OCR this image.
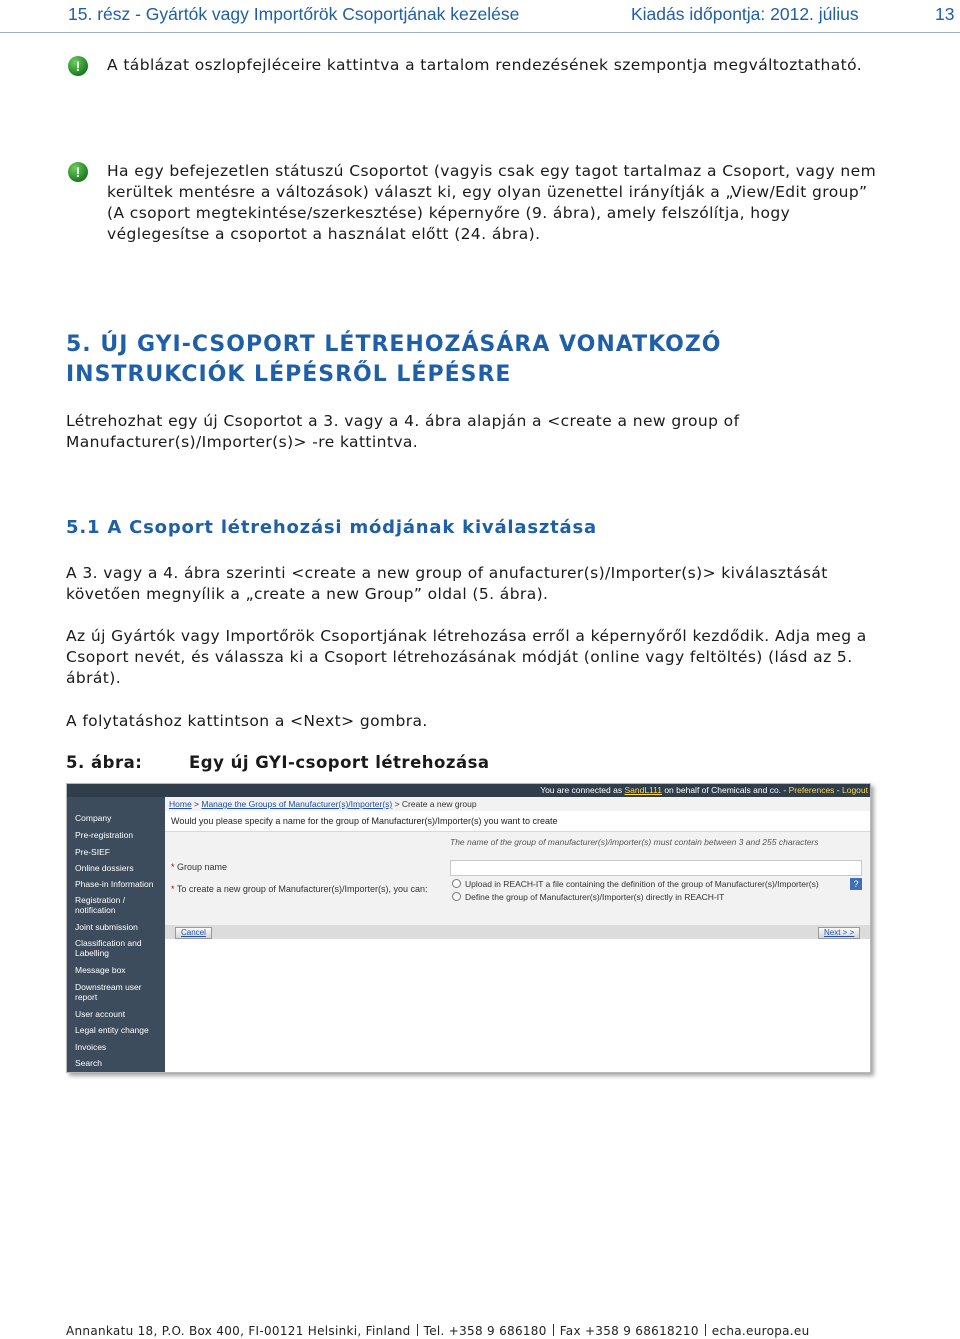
15. rész - Gyártók vagy Importőrök Csoportjának kezelése	Kiadás időpontja: 2012. július	13
!	A táblázat oszlopfejléceire kattintva a tartalom rendezésének szempontja megváltoztatható.
!	Ha egy befejezetlen státuszú Csoportot (vagyis csak egy tagot tartalmaz a Csoport, vagy nem kerültek mentésre a változások) választ ki, egy olyan üzenettel irányítják a „View/Edit group” (A csoport megtekintése/szerkesztése) képernyőre (9. ábra), amely felszólítja, hogy véglegesítse a csoportot a használat előtt (24. ábra).
5. ÚJ GYI-CSOPORT LÉTREHOZÁSÁRA VONATKOZÓ INSTRUKCIÓK LÉPÉSRŐL LÉPÉSRE
Létrehozhat egy új Csoportot a 3. vagy a 4. ábra alapján a <create a new group of Manufacturer(s)/Importer(s)> -re kattintva.
5.1 A Csoport létrehozási módjának kiválasztása
A 3. vagy a 4. ábra szerinti <create a new group of anufacturer(s)/Importer(s)> kiválasztását követően megnyílik a „create a new Group” oldal (5. ábra).
Az új Gyártók vagy Importőrök Csoportjának létrehozása erről a képernyőről kezdődik. Adja meg a Csoport nevét, és válassza ki a Csoport létrehozásának módját (online vagy feltöltés) (lásd az 5. ábrát).
A folytatáshoz kattintson a <Next> gombra.
5. ábra:	Egy új GYI-csoport létrehozása
You are connected as SandL111 on behalf of Chemicals and co. - Preferences - Logout
Company
Pre-registration
Pre-SIEF
Online dossiers
Phase-in Information
Registration / notification
Joint submission
Classification and Labelling
Message box
Downstream user report
User account
Legal entity change
Invoices
Search
Home > Manage the Groups of Manufacturer(s)/Importer(s) > Create a new group
Would you please specify a name for the group of Manufacturer(s)/Importer(s) you want to create
The name of the group of manufacturer(s)/importer(s) must contain between 3 and 255 characters
* Group name
* To create a new group of Manufacturer(s)/Importer(s), you can:	Upload in REACH-IT a file containing the definition of the group of Manufacturer(s)/Importer(s)
Define the group of Manufacturer(s)/Importer(s) directly in REACH-IT
?
Cancel	Next > >
Annankatu 18, P.O. Box 400, FI-00121 Helsinki, Finland Tel. +358 9 686180 Fax +358 9 68618210 echa.europa.eu
